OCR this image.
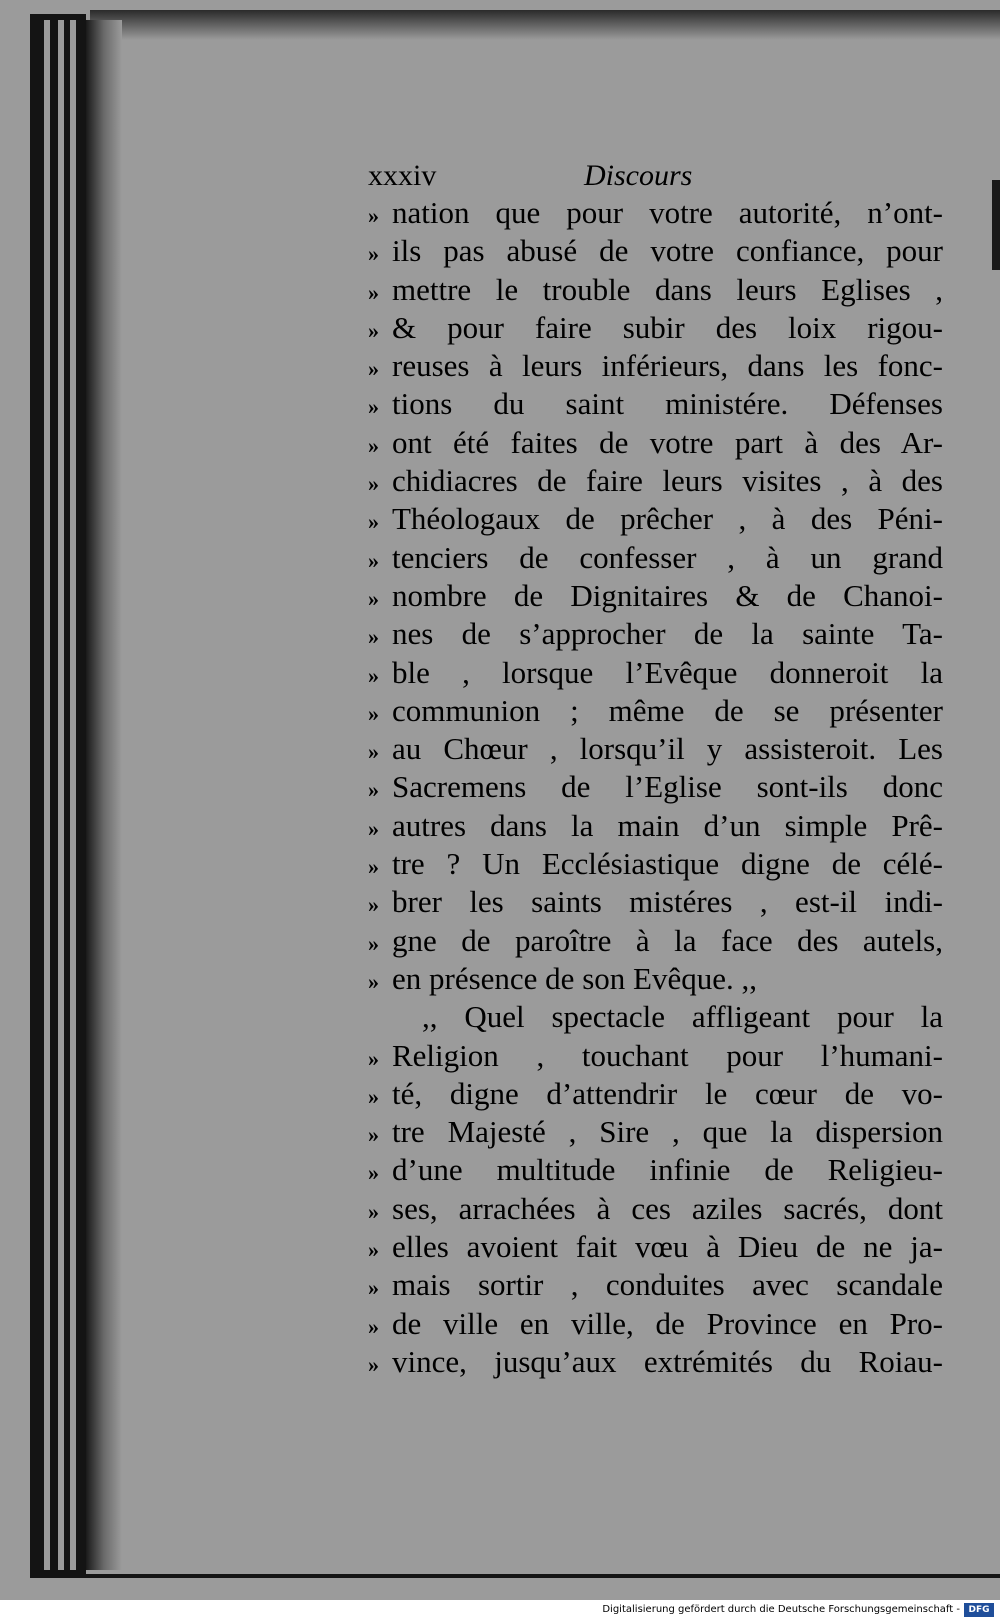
xxxiv	Discours
» nation que pour votre autorité, n’ont-
» ils pas abusé de votre confiance, pour
» mettre le trouble dans leurs Eglises ,
» & pour faire subir des loix rigou-
» reuses à leurs inférieurs, dans les fonc-
» tions du saint ministére. Défenses
» ont été faites de votre part à des Ar-
» chidiacres de faire leurs visites , à des
» Théologaux de prêcher , à des Péni-
» tenciers de confesser , à un grand
» nombre de Dignitaires & de Chanoi-
» nes de s’approcher de la sainte Ta-
» ble , lorsque l’Evêque donneroit la
» communion ; même de se présenter
» au Chœur , lorsqu’il y assisteroit. Les
» Sacremens de l’Eglise sont-ils donc
» autres dans la main d’un simple Prê-
» tre ? Un Ecclésiastique digne de célé-
» brer les saints mistéres , est-il indi-
» gne de paroître à la face des autels,
» en présence de son Evêque. ,,
,, Quel spectacle affligeant pour la
» Religion , touchant pour l’humani-
» té, digne d’attendrir le cœur de vo-
» tre Majesté , Sire , que la dispersion
» d’une multitude infinie de Religieu-
» ses, arrachées à ces aziles sacrés, dont
» elles avoient fait vœu à Dieu de ne ja-
» mais sortir , conduites avec scandale
» de ville en ville, de Province en Pro-
» vince, jusqu’aux extrémités du Roiau-
Digitalisierung gefördert durch die Deutsche Forschungsgemeinschaft - DFG
